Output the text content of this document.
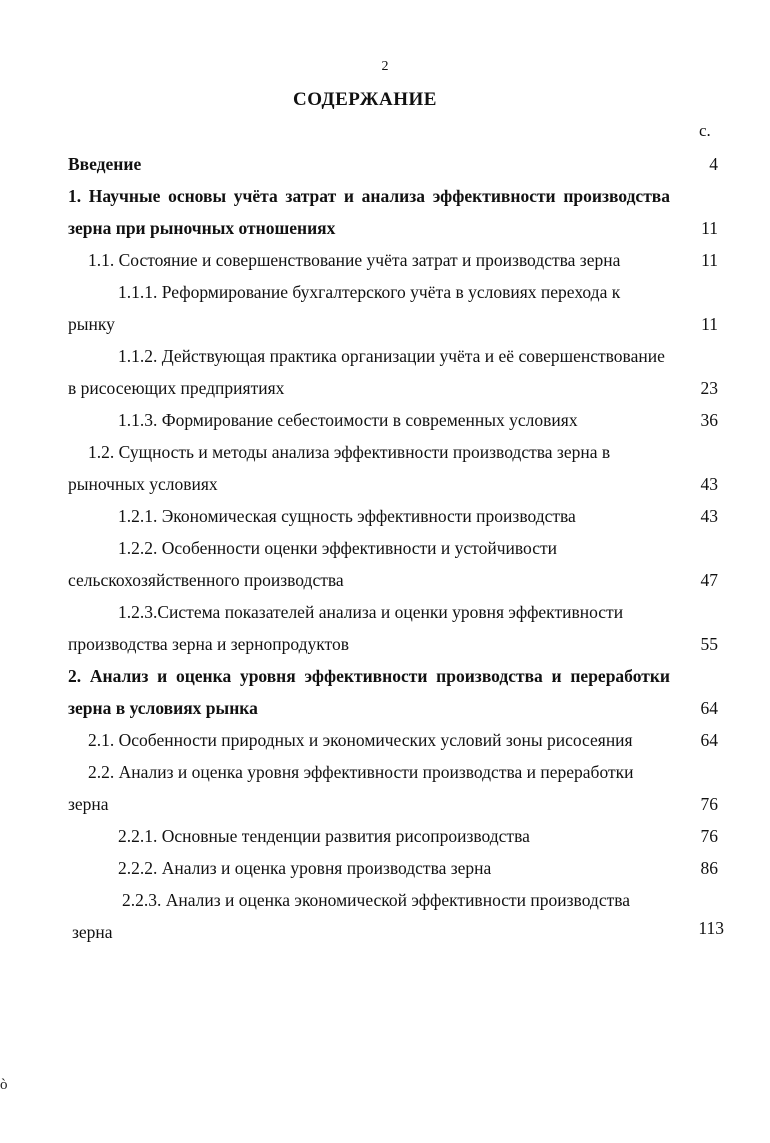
2
СОДЕРЖАНИЕ
с.
Введение	4
1. Научные основы учёта затрат и анализа эффективности производства зерна при рыночных отношениях	11
1.1. Состояние и совершенствование учёта затрат и производства зерна	11
1.1.1. Реформирование бухгалтерского учёта в условиях перехода к рынку	11
1.1.2. Действующая практика организации учёта и её совершенствование в рисосеющих предприятиях	23
1.1.3. Формирование себестоимости в современных условиях	36
1.2. Сущность и методы анализа эффективности производства зерна в рыночных условиях	43
1.2.1. Экономическая сущность эффективности производства	43
1.2.2. Особенности оценки эффективности и устойчивости сельскохозяйственного производства	47
1.2.3.Система показателей анализа и оценки уровня эффективности производства зерна и зернопродуктов	55
2. Анализ и оценка уровня эффективности производства и переработки зерна в условиях рынка	64
2.1. Особенности природных и экономических условий зоны рисосеяния	64
2.2. Анализ и оценка уровня эффективности производства и переработки зерна	76
2.2.1. Основные тенденции развития рисопроизводства	76
2.2.2. Анализ и оценка уровня производства зерна	86
2.2.3. Анализ и оценка экономической эффективности производства зерна	113
ò
